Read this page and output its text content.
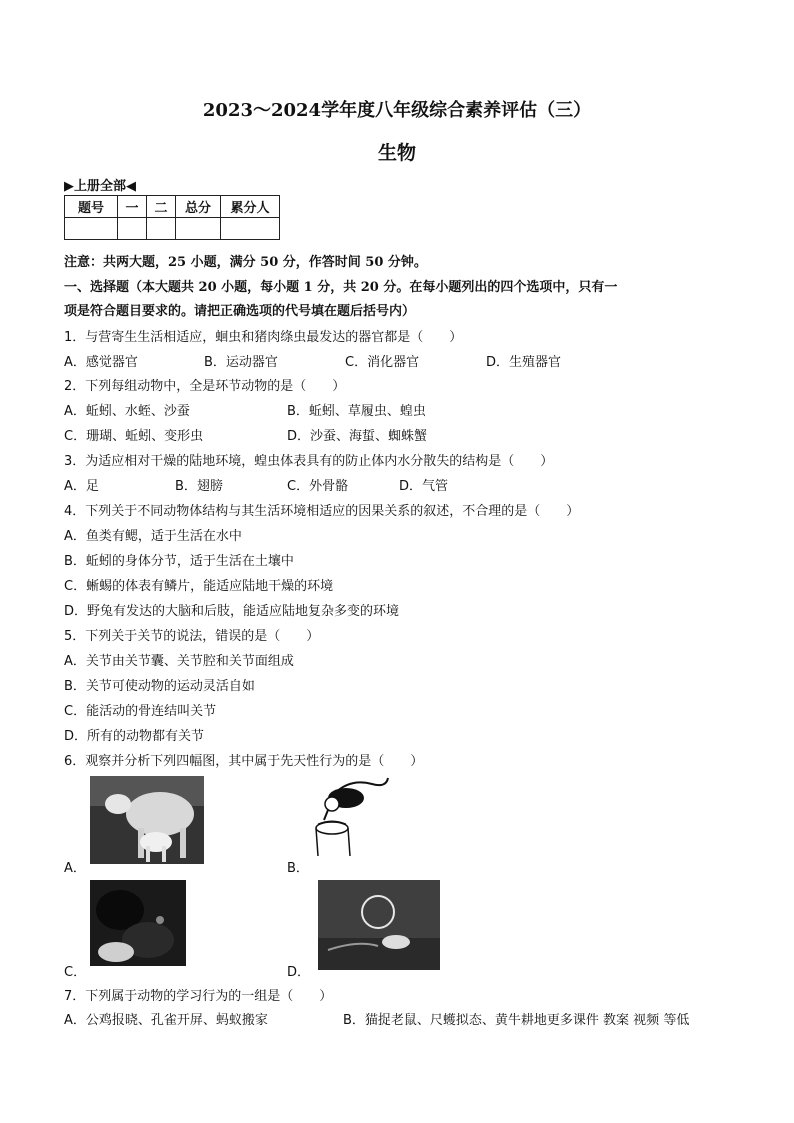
2023～2024学年度八年级综合素养评估（三）
生物
▶上册全部◀
题号	一	二	总分	累分人

注意：共两大题，25 小题，满分 50 分，作答时间 50 分钟。
一、选择题（本大题共 20 小题，每小题 1 分，共 20 分。在每小题列出的四个选项中，只有一
项是符合题目要求的。请把正确选项的代号填在题后括号内）
1．与营寄生生活相适应，蛔虫和猪肉绦虫最发达的器官都是（　　）
A．感觉器官	B．运动器官	C．消化器官	D．生殖器官
2．下列每组动物中，全是环节动物的是（　　）
A．蚯蚓、水蛭、沙蚕	B．蚯蚓、草履虫、蝗虫
C．珊瑚、蚯蚓、变形虫	D．沙蚕、海蜇、蜘蛛蟹
3．为适应相对干燥的陆地环境，蝗虫体表具有的防止体内水分散失的结构是（　　）
A．足	B．翅膀	C．外骨骼	D．气管
4．下列关于不同动物体结构与其生活环境相适应的因果关系的叙述，不合理的是（　　）
A．鱼类有鳃，适于生活在水中
B．蚯蚓的身体分节，适于生活在土壤中
C．蜥蜴的体表有鳞片，能适应陆地干燥的环境
D．野兔有发达的大脑和后肢，能适应陆地复杂多变的环境
5．下列关于关节的说法，错误的是（　　）
A．关节由关节囊、关节腔和关节面组成
B．关节可使动物的运动灵活自如
C．能活动的骨连结叫关节
D．所有的动物都有关节
6．观察并分析下列四幅图，其中属于先天性行为的是（　　）
A．	B．
C．	D．
7．下列属于动物的学习行为的一组是（　　）
A．公鸡报晓、孔雀开屏、蚂蚁搬家	B．猫捉老鼠、尺蠖拟态、黄牛耕地更多课件 教案 视频 等低
